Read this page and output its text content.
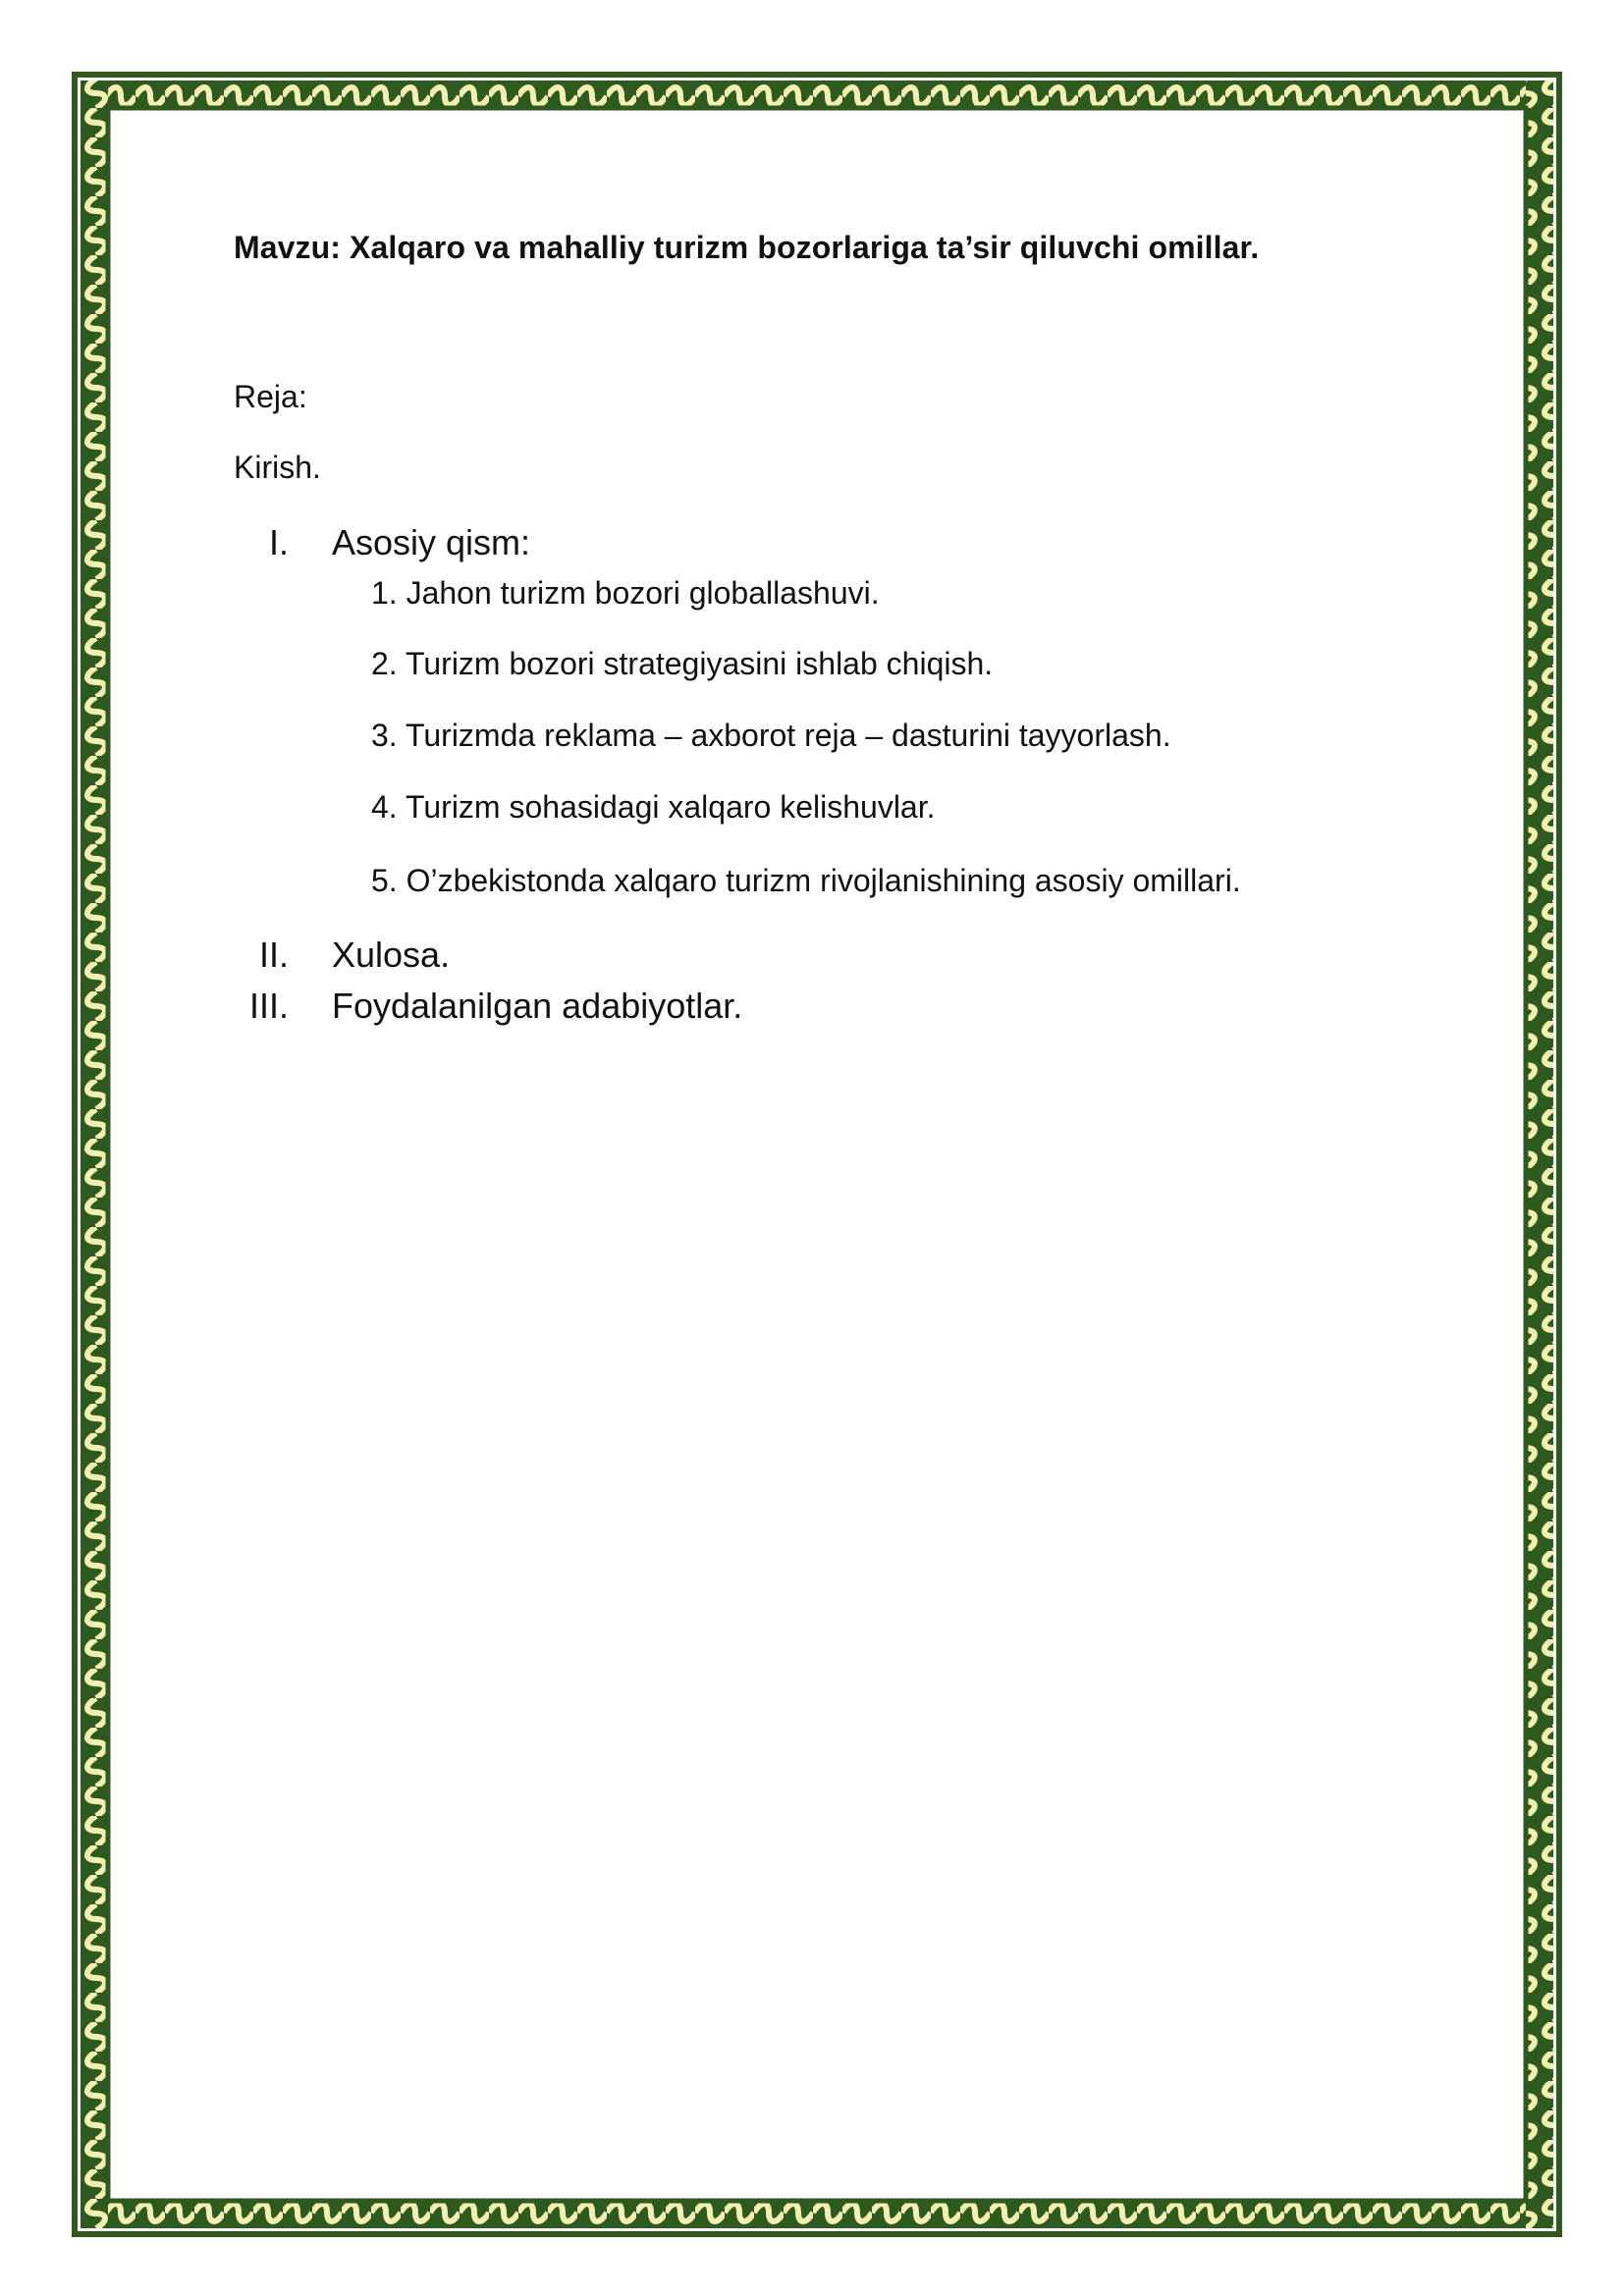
Mavzu: Xalqaro va mahalliy turizm bozorlariga ta’sir qiluvchi omillar.
Reja:
Kirish.
I. Asosiy qism:
1. Jahon turizm bozori globallashuvi.
2. Turizm bozori strategiyasini ishlab chiqish.
3. Turizmda reklama – axborot reja – dasturini tayyorlash.
4. Turizm sohasidagi xalqaro kelishuvlar.
5. O’zbekistonda xalqaro turizm rivojlanishining asosiy omillari.
II. Xulosa.
III. Foydalanilgan adabiyotlar.
